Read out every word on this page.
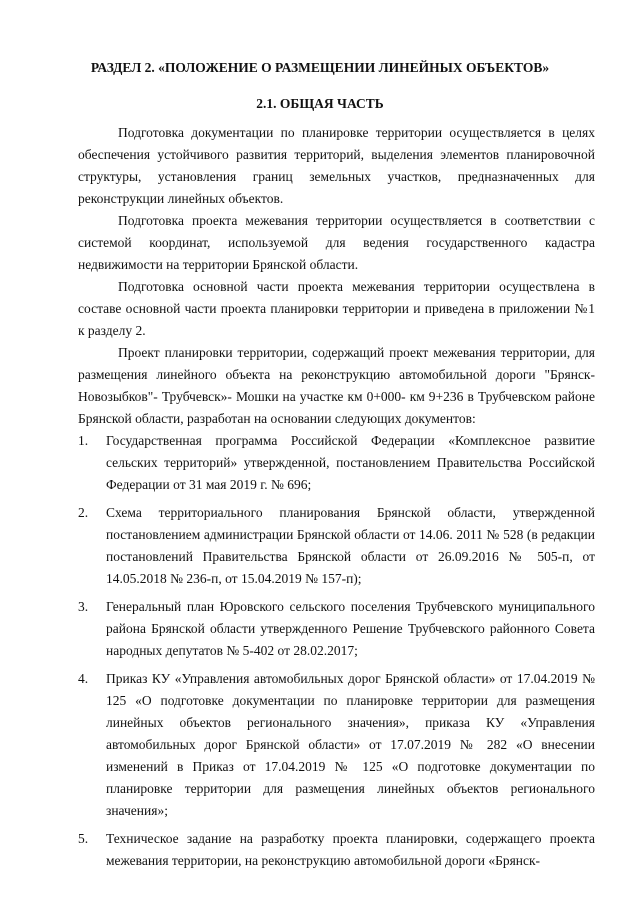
РАЗДЕЛ 2. «ПОЛОЖЕНИЕ О РАЗМЕЩЕНИИ ЛИНЕЙНЫХ ОБЪЕКТОВ»
2.1. ОБЩАЯ ЧАСТЬ

Подготовка документации по планировке территории осуществляется в целях обеспечения устойчивого развития территорий, выделения элементов планировочной структуры, установления границ земельных участков, предназначенных для реконструкции линейных объектов.

Подготовка проекта межевания территории осуществляется в соответствии с системой координат, используемой для ведения государственного кадастра недвижимости на территории Брянской области.

Подготовка основной части проекта межевания территории осуществлена в составе основной части проекта планировки территории и приведена в приложении №1 к разделу 2.

Проект планировки территории, содержащий проект межевания территории, для размещения линейного объекта на реконструкцию автомобильной дороги "Брянск-Новозыбков"- Трубчевск»- Мошки на участке км 0+000- км 9+236 в Трубчевском районе Брянской области, разработан на основании следующих документов:

1. Государственная программа Российской Федерации «Комплексное развитие сельских территорий» утвержденной, постановлением Правительства Российской Федерации от 31 мая 2019 г. № 696;
2. Схема территориального планирования Брянской области, утвержденной постановлением администрации Брянской области от 14.06. 2011 № 528 (в редакции постановлений Правительства Брянской области от 26.09.2016 № 505-п, от 14.05.2018 № 236-п, от 15.04.2019 № 157-п);
3. Генеральный план Юровского сельского поселения Трубчевского муниципального района Брянской области утвержденного Решение Трубчевского районного Совета народных депутатов № 5-402 от 28.02.2017;
4. Приказ КУ «Управления автомобильных дорог Брянской области» от 17.04.2019 № 125 «О подготовке документации по планировке территории для размещения линейных объектов регионального значения», приказа КУ «Управления автомобильных дорог Брянской области» от 17.07.2019 № 282 «О внесении изменений в Приказ от 17.04.2019 № 125 «О подготовке документации по планировке территории для размещения линейных объектов регионального значения»;
5. Техническое задание на разработку проекта планировки, содержащего проекта межевания территории, на реконструкцию автомобильной дороги «Брянск-
